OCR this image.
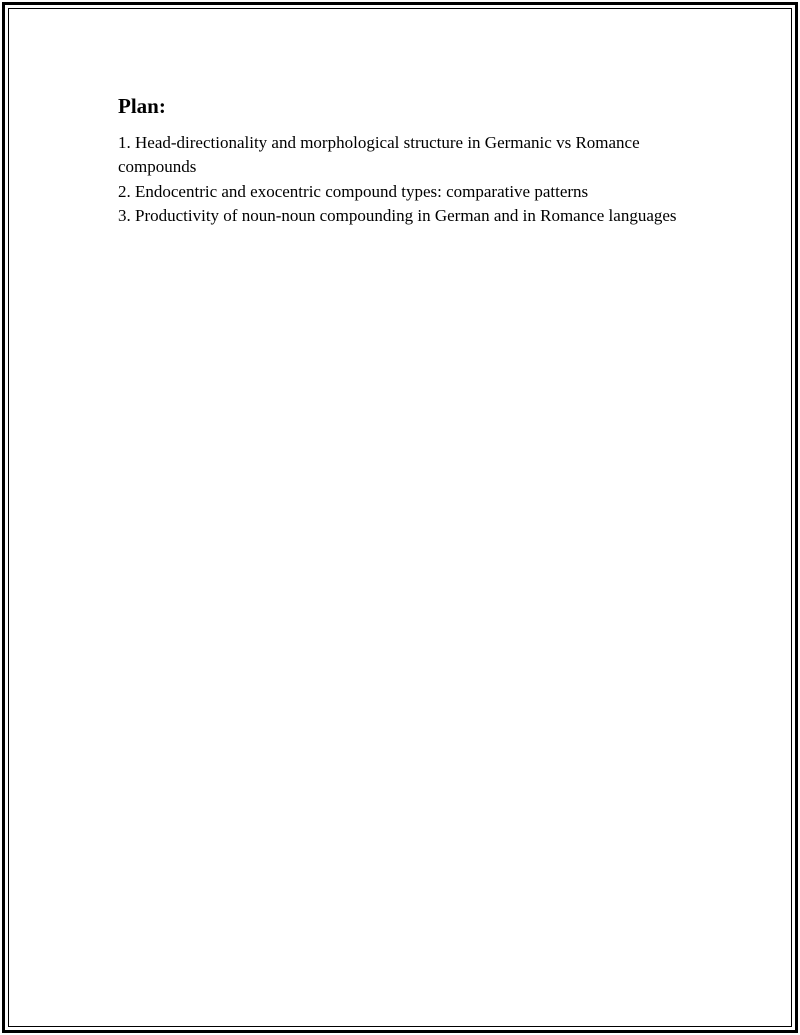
Plan:
1. Head-directionality and morphological structure in Germanic vs Romance compounds
2. Endocentric and exocentric compound types: comparative patterns
3. Productivity of noun-noun compounding in German and in Romance languages
